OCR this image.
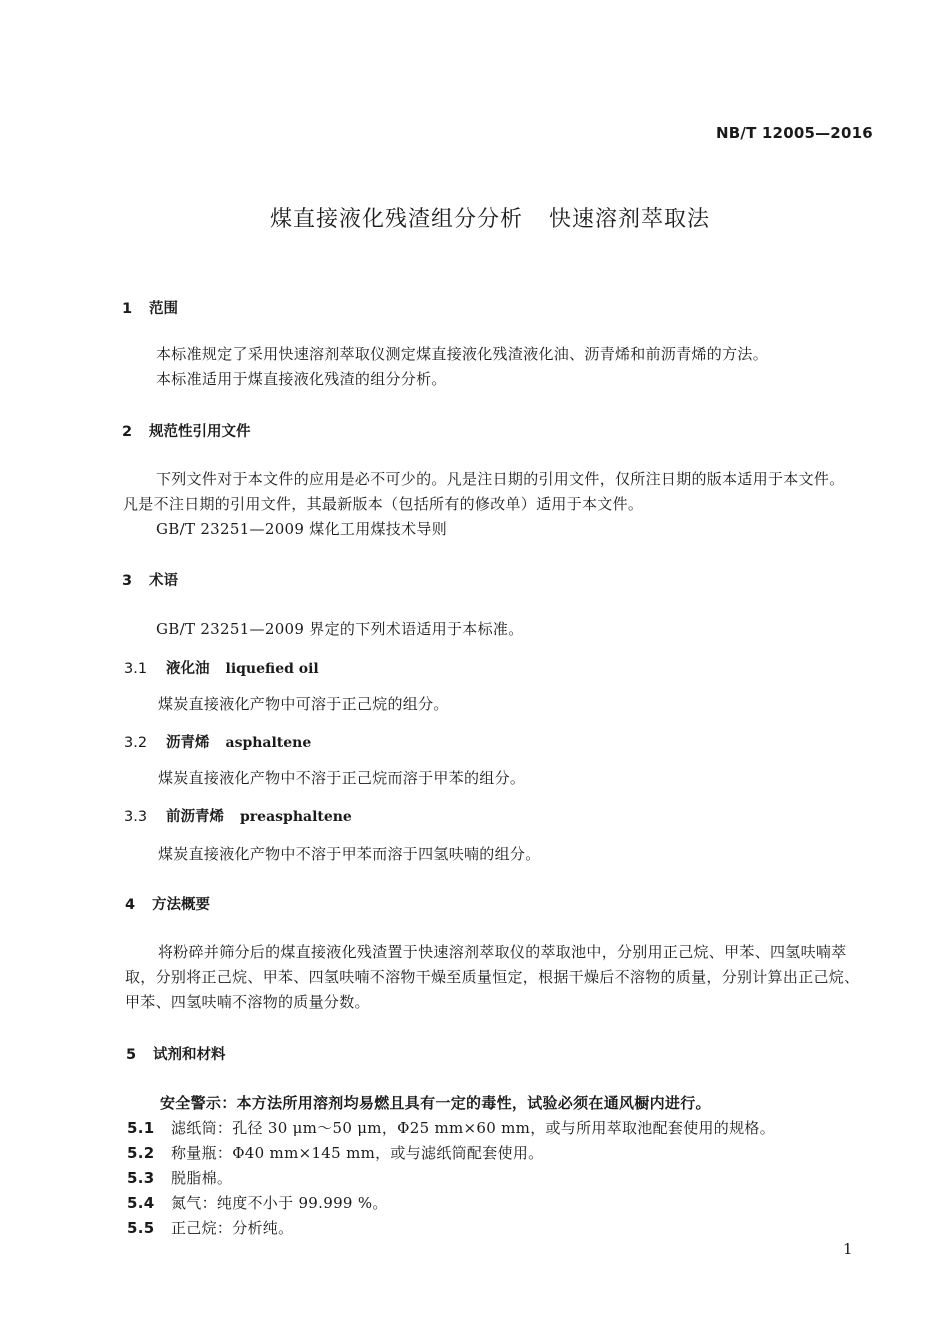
NB/T 12005—2016
煤直接液化残渣组分分析 快速溶剂萃取法
1 范围
本标准规定了采用快速溶剂萃取仪测定煤直接液化残渣液化油、沥青烯和前沥青烯的方法。
本标准适用于煤直接液化残渣的组分分析。
2 规范性引用文件
下列文件对于本文件的应用是必不可少的。凡是注日期的引用文件，仅所注日期的版本适用于本文件。凡是不注日期的引用文件，其最新版本（包括所有的修改单）适用于本文件。
GB/T 23251—2009 煤化工用煤技术导则
3 术语
GB/T 23251—2009 界定的下列术语适用于本标准。
3.1 液化油 liquefied oil
煤炭直接液化产物中可溶于正己烷的组分。
3.2 沥青烯 asphaltene
煤炭直接液化产物中不溶于正己烷而溶于甲苯的组分。
3.3 前沥青烯 preasphaltene
煤炭直接液化产物中不溶于甲苯而溶于四氢呋喃的组分。
4 方法概要
将粉碎并筛分后的煤直接液化残渣置于快速溶剂萃取仪的萃取池中，分别用正己烷、甲苯、四氢呋喃萃取，分别将正己烷、甲苯、四氢呋喃不溶物干燥至质量恒定，根据干燥后不溶物的质量，分别计算出正己烷、甲苯、四氢呋喃不溶物的质量分数。
5 试剂和材料
安全警示：本方法所用溶剂均易燃且具有一定的毒性，试验必须在通风橱内进行。
5.1 滤纸筒：孔径 30 μm～50 μm，Φ25 mm×60 mm，或与所用萃取池配套使用的规格。
5.2 称量瓶：Φ40 mm×145 mm，或与滤纸筒配套使用。
5.3 脱脂棉。
5.4 氮气：纯度不小于 99.999 %。
5.5 正己烷：分析纯。
1
